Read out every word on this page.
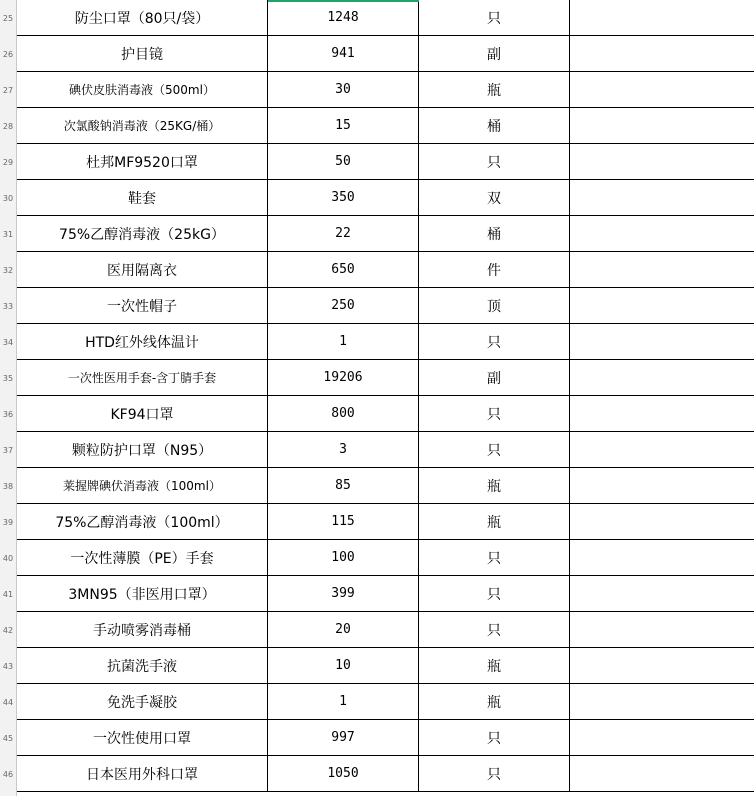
25	防尘口罩（80只/袋）	1248	只
26	护目镜	941	副
27	碘伏皮肤消毒液（500ml）	30	瓶
28	次氯酸钠消毒液（25KG/桶）	15	桶
29	杜邦MF9520口罩	50	只
30	鞋套	350	双
31	75%乙醇消毒液（25kG）	22	桶
32	医用隔离衣	650	件
33	一次性帽子	250	顶
34	HTD红外线体温计	1	只
35	一次性医用手套-含丁腈手套	19206	副
36	KF94口罩	800	只
37	颗粒防护口罩（N95）	3	只
38	莱握牌碘伏消毒液（100ml）	85	瓶
39	75%乙醇消毒液（100ml）	115	瓶
40	一次性薄膜（PE）手套	100	只
41	3MN95（非医用口罩）	399	只
42	手动喷雾消毒桶	20	只
43	抗菌洗手液	10	瓶
44	免洗手凝胶	1	瓶
45	一次性使用口罩	997	只
46	日本医用外科口罩	1050	只
